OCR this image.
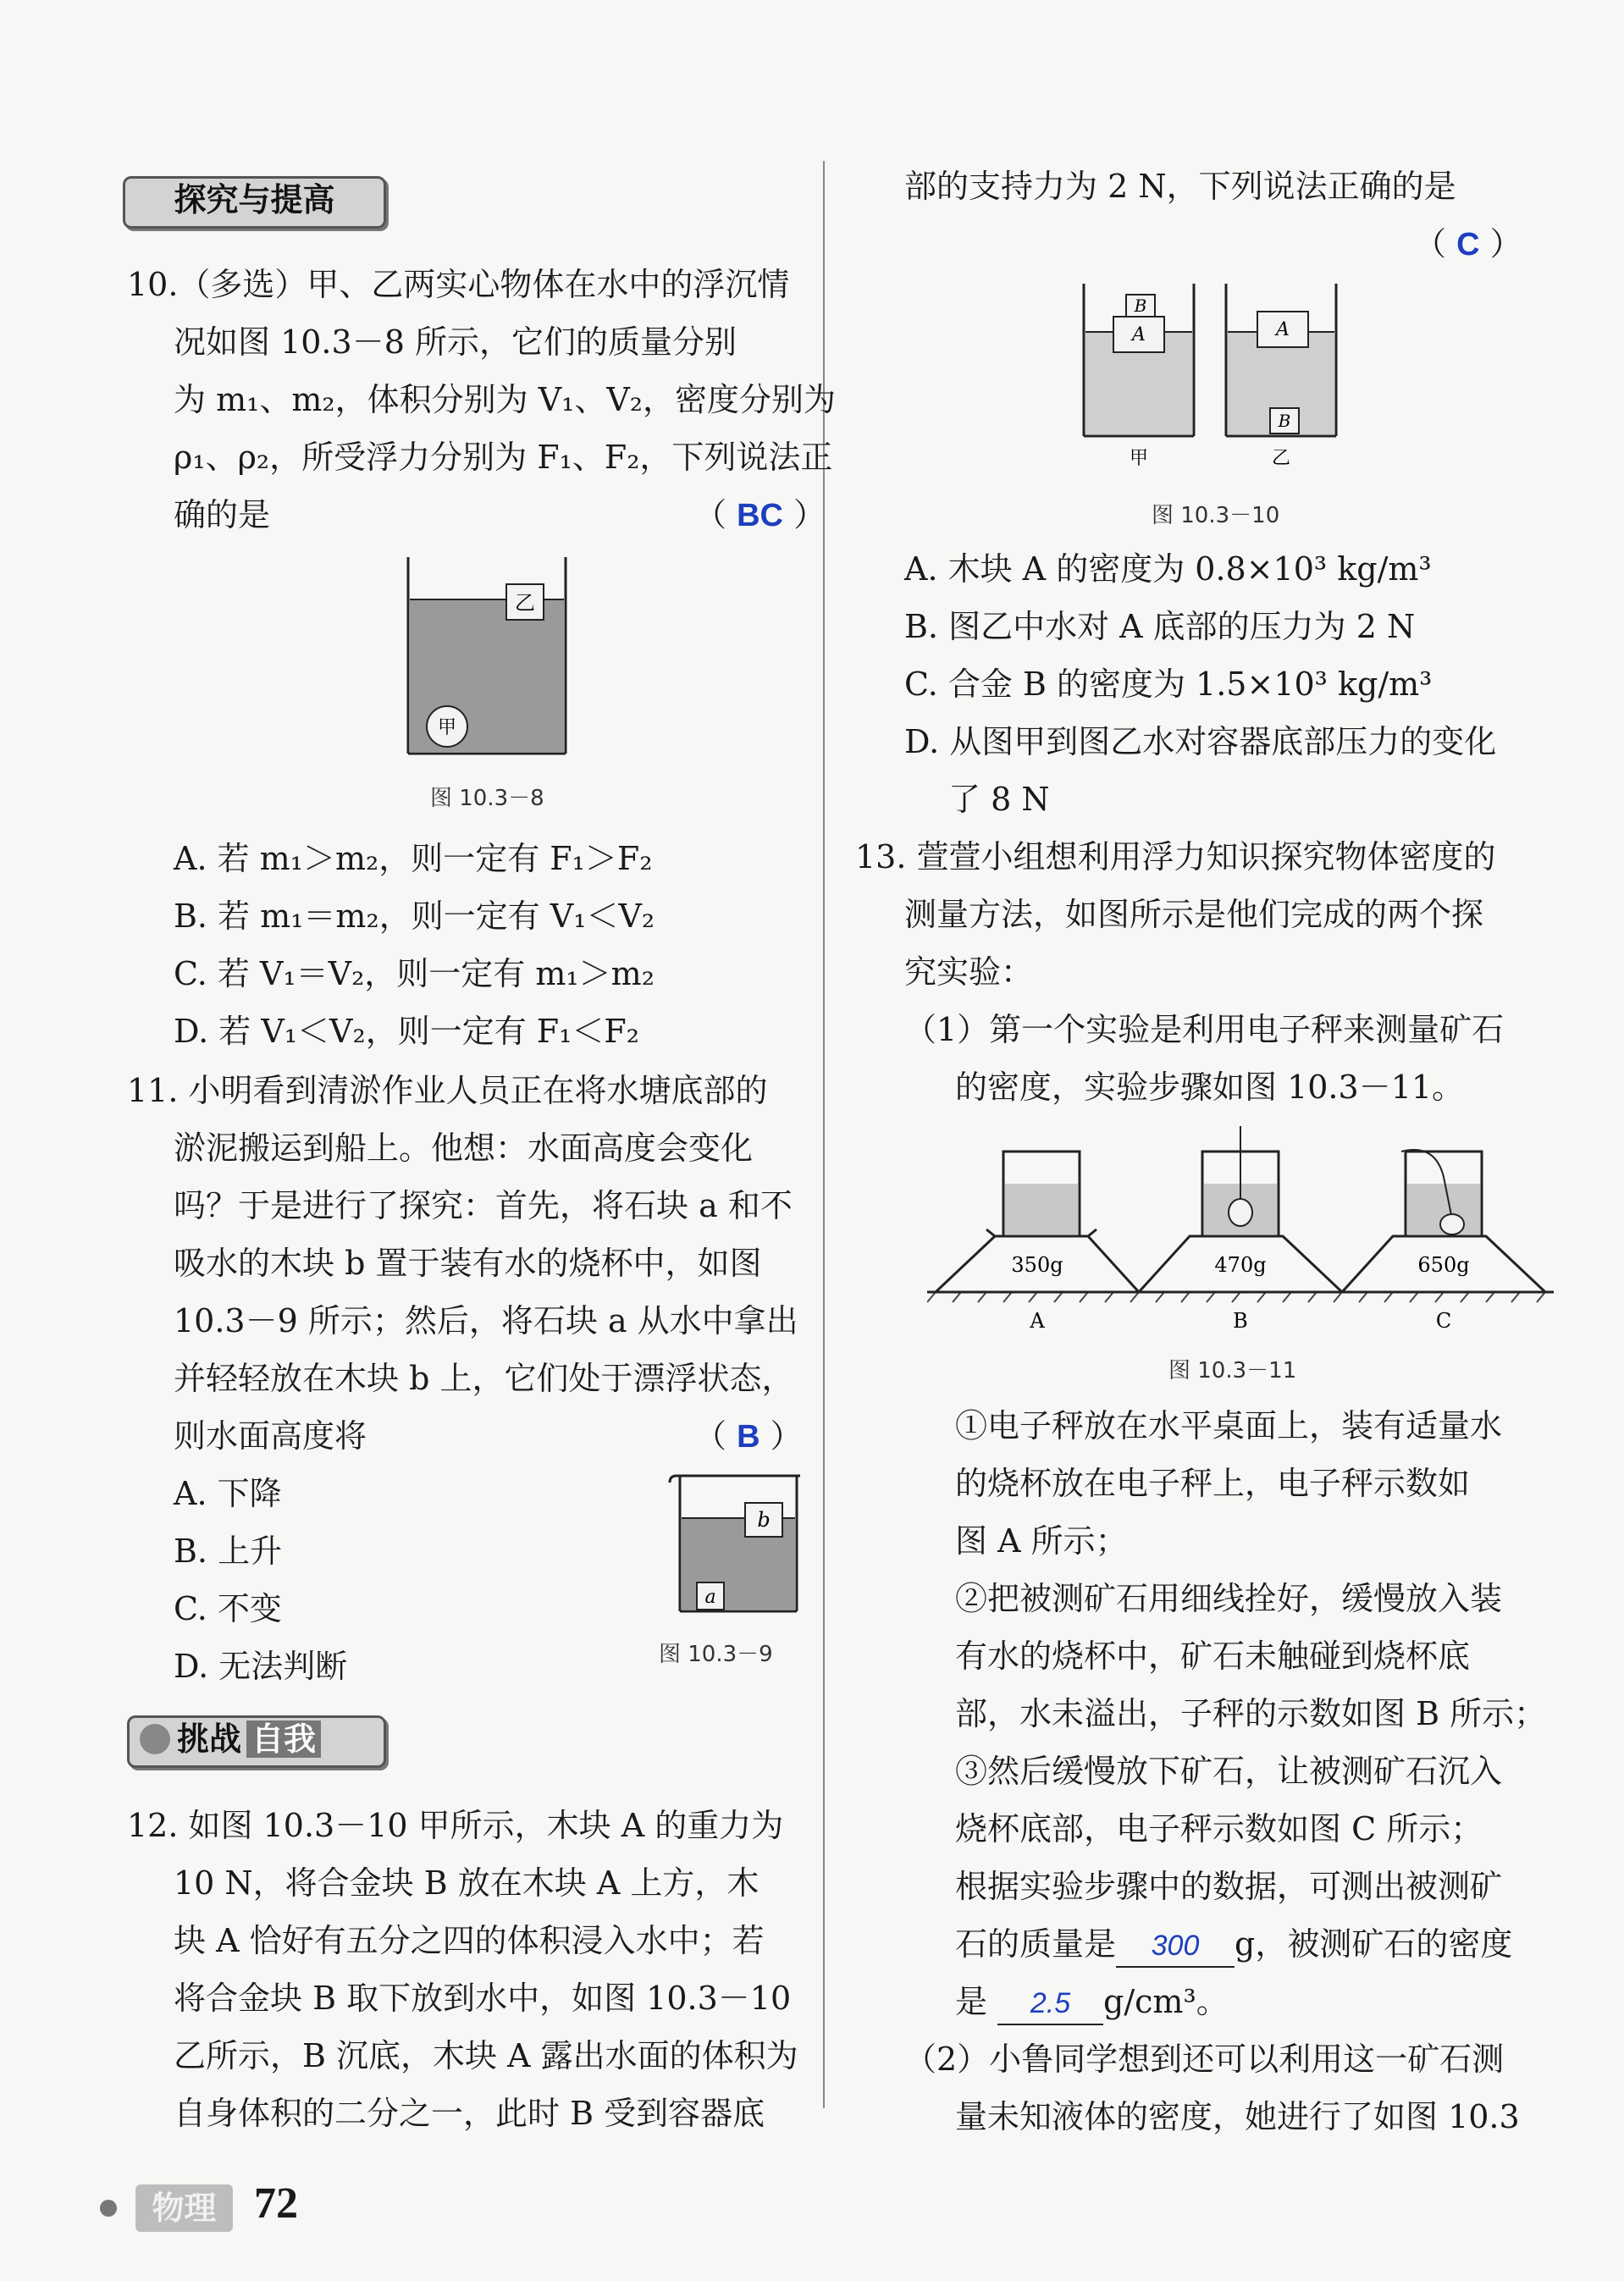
探究与提高
10.（多选）甲、乙两实心物体在水中的浮沉情
况如图 10.3－8 所示，它们的质量分别
为 m₁、m₂，体积分别为 V₁、V₂，密度分别为
ρ₁、ρ₂，所受浮力分别为 F₁、F₂，下列说法正
确的是	（ BC ）
乙
甲
图 10.3－8
A. 若 m₁＞m₂，则一定有 F₁＞F₂
B. 若 m₁＝m₂，则一定有 V₁＜V₂
C. 若 V₁＝V₂，则一定有 m₁＞m₂
D. 若 V₁＜V₂，则一定有 F₁＜F₂
11. 小明看到清淤作业人员正在将水塘底部的
淤泥搬运到船上。他想：水面高度会变化
吗？于是进行了探究：首先，将石块 a 和不
吸水的木块 b 置于装有水的烧杯中，如图
10.3－9 所示；然后，将石块 a 从水中拿出
并轻轻放在木块 b 上，它们处于漂浮状态，
则水面高度将	（ B ）
A. 下降
B. 上升
C. 不变
D. 无法判断
b
a
图 10.3－9
挑战 自我
12. 如图 10.3－10 甲所示，木块 A 的重力为
10 N，将合金块 B 放在木块 A 上方，木
块 A 恰好有五分之四的体积浸入水中；若
将合金块 B 取下放到水中，如图 10.3－10
乙所示，B 沉底，木块 A 露出水面的体积为
自身体积的二分之一，此时 B 受到容器底
部的支持力为 2 N，下列说法正确的是
（ C ）
A
B
A
B
甲	乙
图 10.3－10
A. 木块 A 的密度为 0.8×10³ kg/m³
B. 图乙中水对 A 底部的压力为 2 N
C. 合金 B 的密度为 1.5×10³ kg/m³
D. 从图甲到图乙水对容器底部压力的变化
了 8 N
13. 萱萱小组想利用浮力知识探究物体密度的
测量方法，如图所示是他们完成的两个探
究实验：
（1）第一个实验是利用电子秤来测量矿石
的密度，实验步骤如图 10.3－11。
350g
A
470g
B
650g
C
图 10.3－11
①电子秤放在水平桌面上，装有适量水
的烧杯放在电子秤上，电子秤示数如
图 A 所示；
②把被测矿石用细线拴好，缓慢放入装
有水的烧杯中，矿石未触碰到烧杯底
部，水未溢出，子秤的示数如图 B 所示；
③然后缓慢放下矿石，让被测矿石沉入
烧杯底部，电子秤示数如图 C 所示；
根据实验步骤中的数据，可测出被测矿
石的质量是 300 g，被测矿石的密度
是 2.5 g/cm³。
（2）小鲁同学想到还可以利用这一矿石测
量未知液体的密度，她进行了如图 10.3
物理 72
